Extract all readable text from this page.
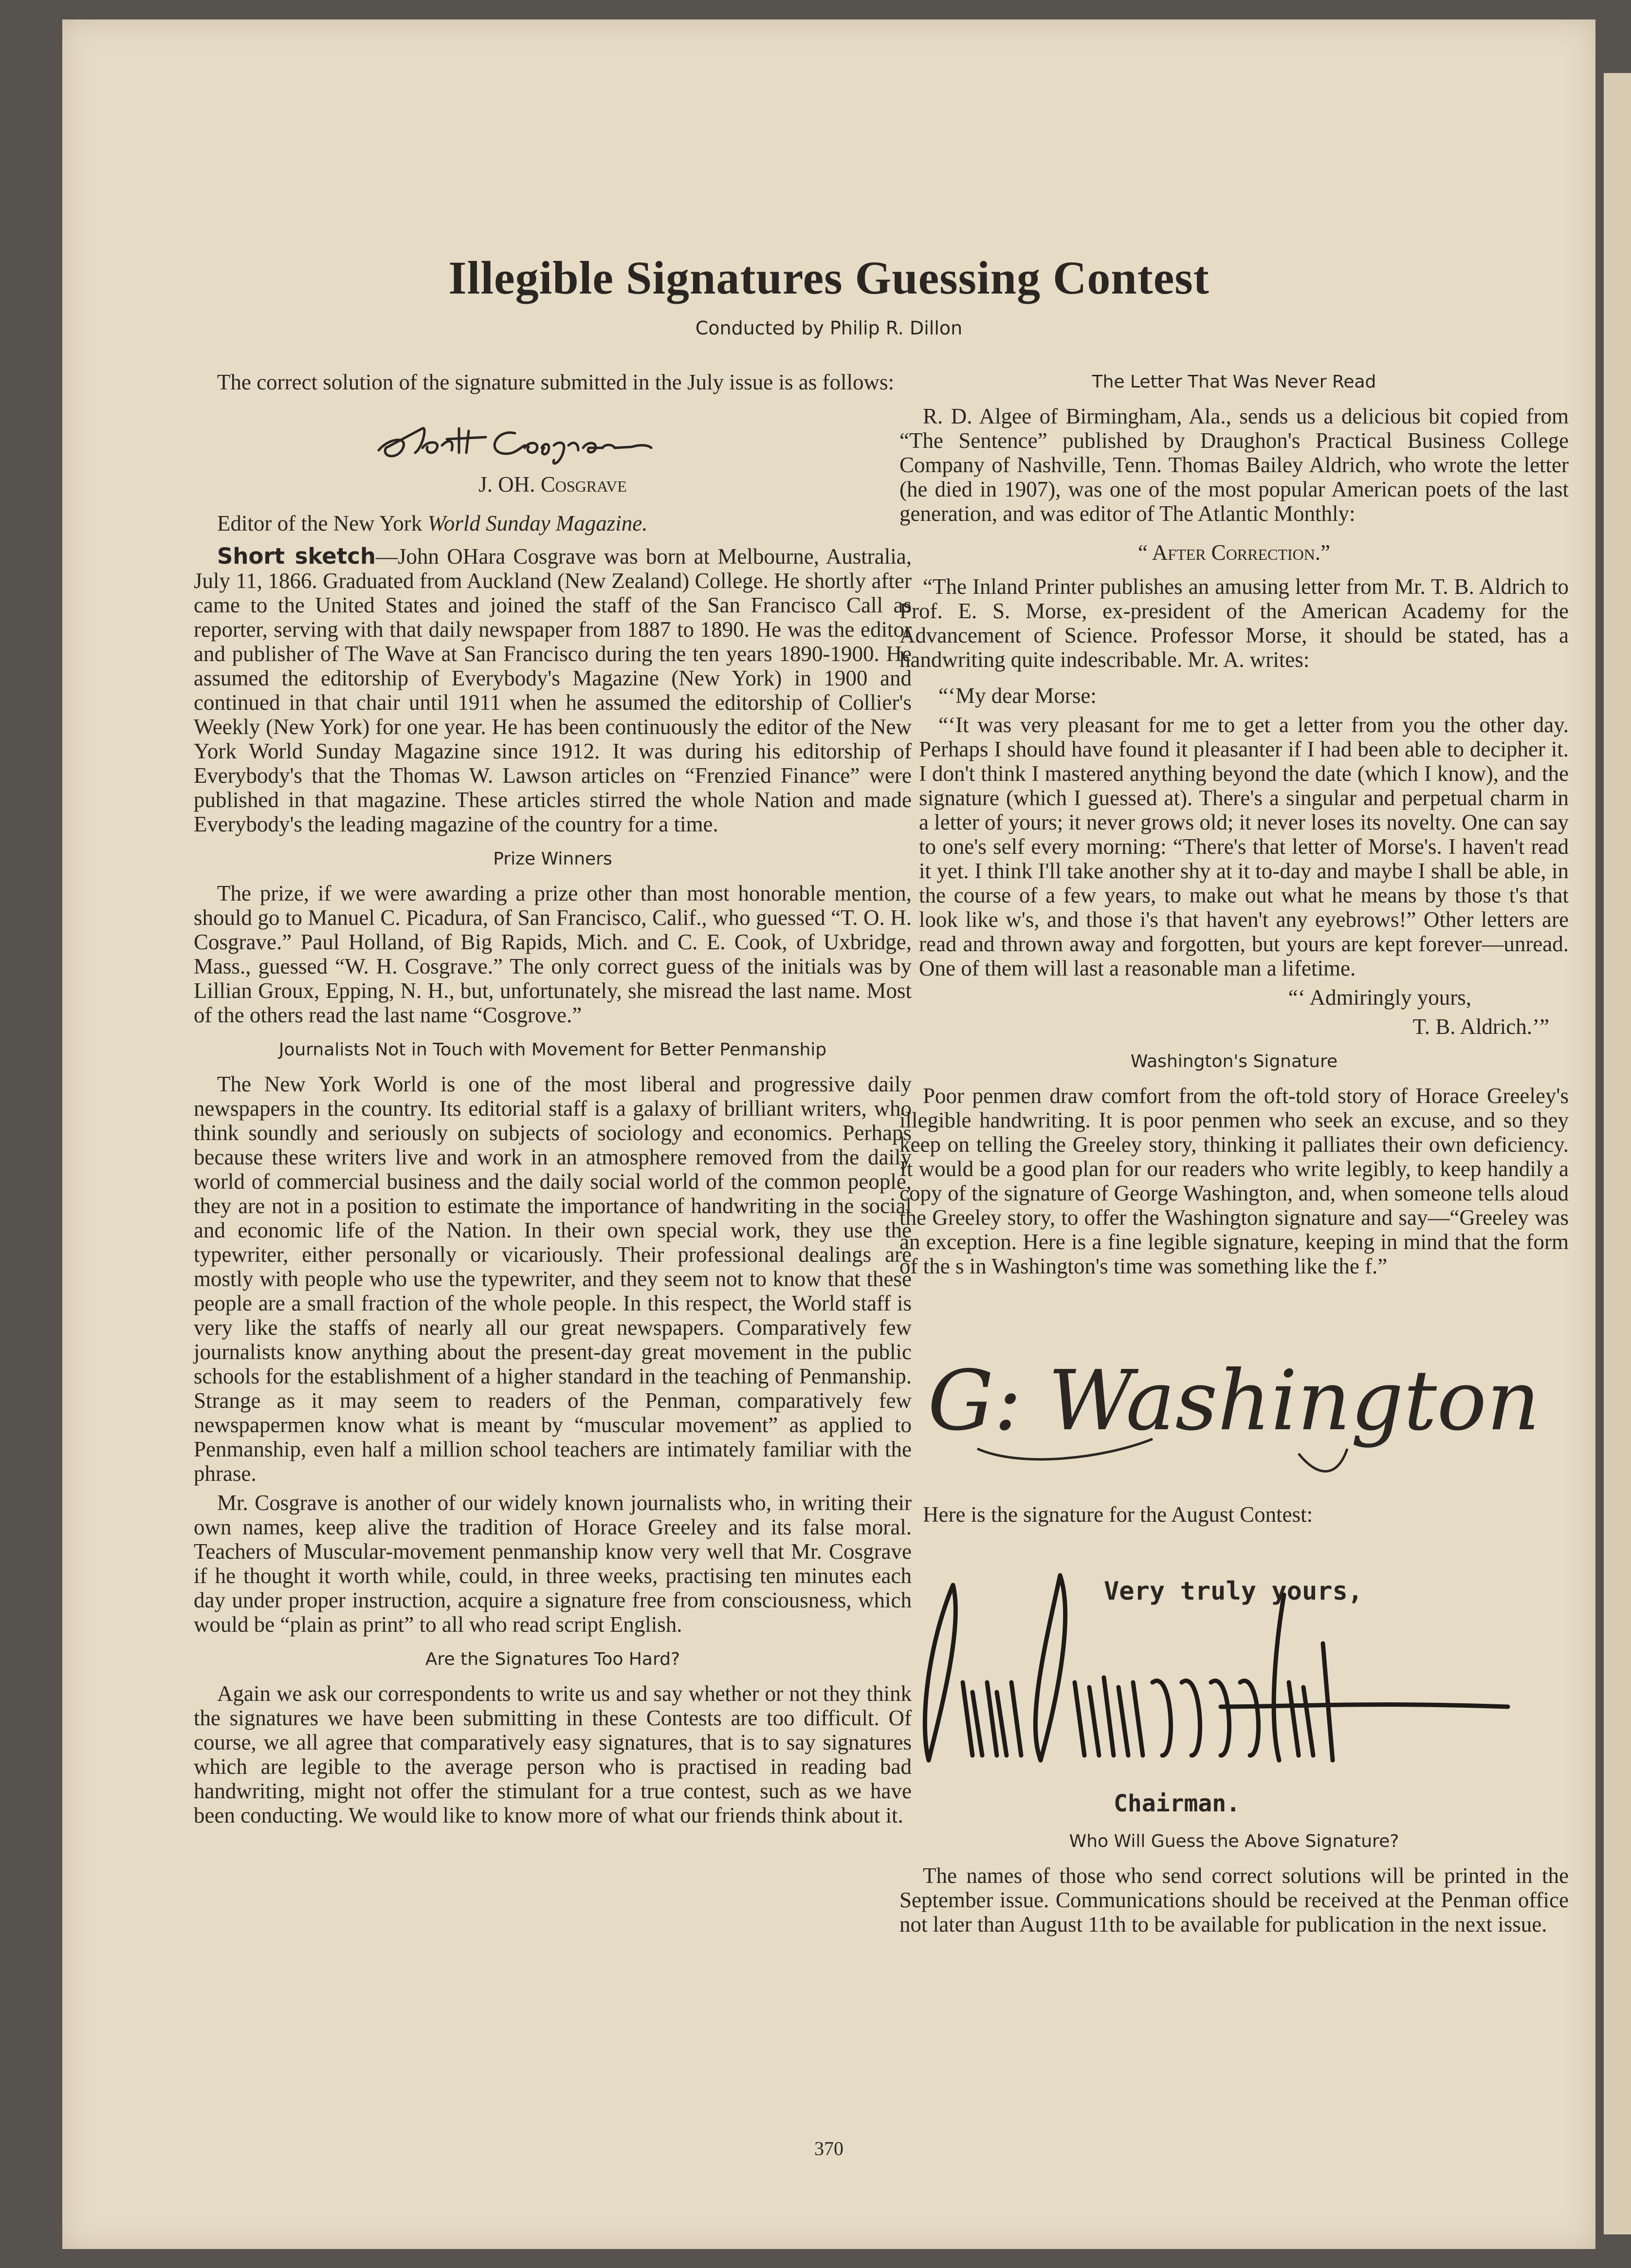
Illegible Signatures Guessing Contest
Conducted by Philip R. Dillon

The correct solution of the signature submitted in the July issue is as follows:

J. OH. Cosgrave

Editor of the New York World Sunday Magazine.

Short sketch—John OHara Cosgrave was born at Melbourne, Australia, July 11, 1866. Graduated from Auckland (New Zealand) College. He shortly after came to the United States and joined the staff of the San Francisco Call as reporter, serving with that daily newspaper from 1887 to 1890. He was the editor and publisher of The Wave at San Francisco during the ten years 1890-1900. He assumed the editorship of Everybody's Magazine (New York) in 1900 and continued in that chair until 1911 when he assumed the editorship of Collier's Weekly (New York) for one year. He has been continuously the editor of the New York World Sunday Magazine since 1912. It was during his editorship of Everybody's that the Thomas W. Lawson articles on “Frenzied Finance” were published in that magazine. These articles stirred the whole Nation and made Everybody's the leading magazine of the country for a time.

Prize Winners

The prize, if we were awarding a prize other than most honorable mention, should go to Manuel C. Picadura, of San Francisco, Calif., who guessed “T. O. H. Cosgrave.” Paul Holland, of Big Rapids, Mich. and C. E. Cook, of Uxbridge, Mass., guessed “W. H. Cosgrave.” The only correct guess of the initials was by Lillian Groux, Epping, N. H., but, unfortunately, she misread the last name. Most of the others read the last name “Cosgrove.”

Journalists Not in Touch with Movement for Better Penmanship

The New York World is one of the most liberal and progressive daily newspapers in the country. Its editorial staff is a galaxy of brilliant writers, who think soundly and seriously on subjects of sociology and economics. Perhaps because these writers live and work in an atmosphere removed from the daily world of commercial business and the daily social world of the common people, they are not in a position to estimate the importance of handwriting in the social and economic life of the Nation. In their own special work, they use the typewriter, either personally or vicariously. Their professional dealings are mostly with people who use the typewriter, and they seem not to know that these people are a small fraction of the whole people. In this respect, the World staff is very like the staffs of nearly all our great newspapers. Comparatively few journalists know anything about the present-day great movement in the public schools for the establishment of a higher standard in the teaching of Penmanship. Strange as it may seem to readers of the Penman, comparatively few newspapermen know what is meant by “muscular movement” as applied to Penmanship, even half a million school teachers are intimately familiar with the phrase.

Mr. Cosgrave is another of our widely known journalists who, in writing their own names, keep alive the tradition of Horace Greeley and its false moral. Teachers of Muscular-movement penmanship know very well that Mr. Cosgrave if he thought it worth while, could, in three weeks, practising ten minutes each day under proper instruction, acquire a signature free from consciousness, which would be “plain as print” to all who read script English.

Are the Signatures Too Hard?

Again we ask our correspondents to write us and say whether or not they think the signatures we have been submitting in these Contests are too difficult. Of course, we all agree that comparatively easy signatures, that is to say signatures which are legible to the average person who is practised in reading bad handwriting, might not offer the stimulant for a true contest, such as we have been conducting. We would like to know more of what our friends think about it.

The Letter That Was Never Read

R. D. Algee of Birmingham, Ala., sends us a delicious bit copied from “The Sentence” published by Draughon's Practical Business College Company of Nashville, Tenn. Thomas Bailey Aldrich, who wrote the letter (he died in 1907), was one of the most popular American poets of the last generation, and was editor of The Atlantic Monthly:

“ After Correction.”

“The Inland Printer publishes an amusing letter from Mr. T. B. Aldrich to Prof. E. S. Morse, ex-president of the American Academy for the Advancement of Science. Professor Morse, it should be stated, has a handwriting quite indescribable. Mr. A. writes:

“‘My dear Morse:

“‘It was very pleasant for me to get a letter from you the other day. Perhaps I should have found it pleasanter if I had been able to decipher it. I don't think I mastered anything beyond the date (which I know), and the signature (which I guessed at). There's a singular and perpetual charm in a letter of yours; it never grows old; it never loses its novelty. One can say to one's self every morning: “There's that letter of Morse's. I haven't read it yet. I think I'll take another shy at it to-day and maybe I shall be able, in the course of a few years, to make out what he means by those t's that look like w's, and those i's that haven't any eyebrows!” Other letters are read and thrown away and forgotten, but yours are kept forever—unread. One of them will last a reasonable man a lifetime.

“‘ Admiringly yours,

T. B. Aldrich.’”

Washington's Signature

Poor penmen draw comfort from the oft-told story of Horace Greeley's illegible handwriting. It is poor penmen who seek an excuse, and so they keep on telling the Greeley story, thinking it palliates their own deficiency. It would be a good plan for our readers who write legibly, to keep handily a copy of the signature of George Washington, and, when someone tells aloud the Greeley story, to offer the Washington signature and say—“Greeley was an exception. Here is a fine legible signature, keeping in mind that the form of the s in Washington's time was something like the f.”

G: Washington

Here is the signature for the August Contest:

Very truly yours,
Chairman.
Who Will Guess the Above Signature?

The names of those who send correct solutions will be printed in the September issue. Communications should be received at the Penman office not later than August 11th to be available for publication in the next issue.

370
